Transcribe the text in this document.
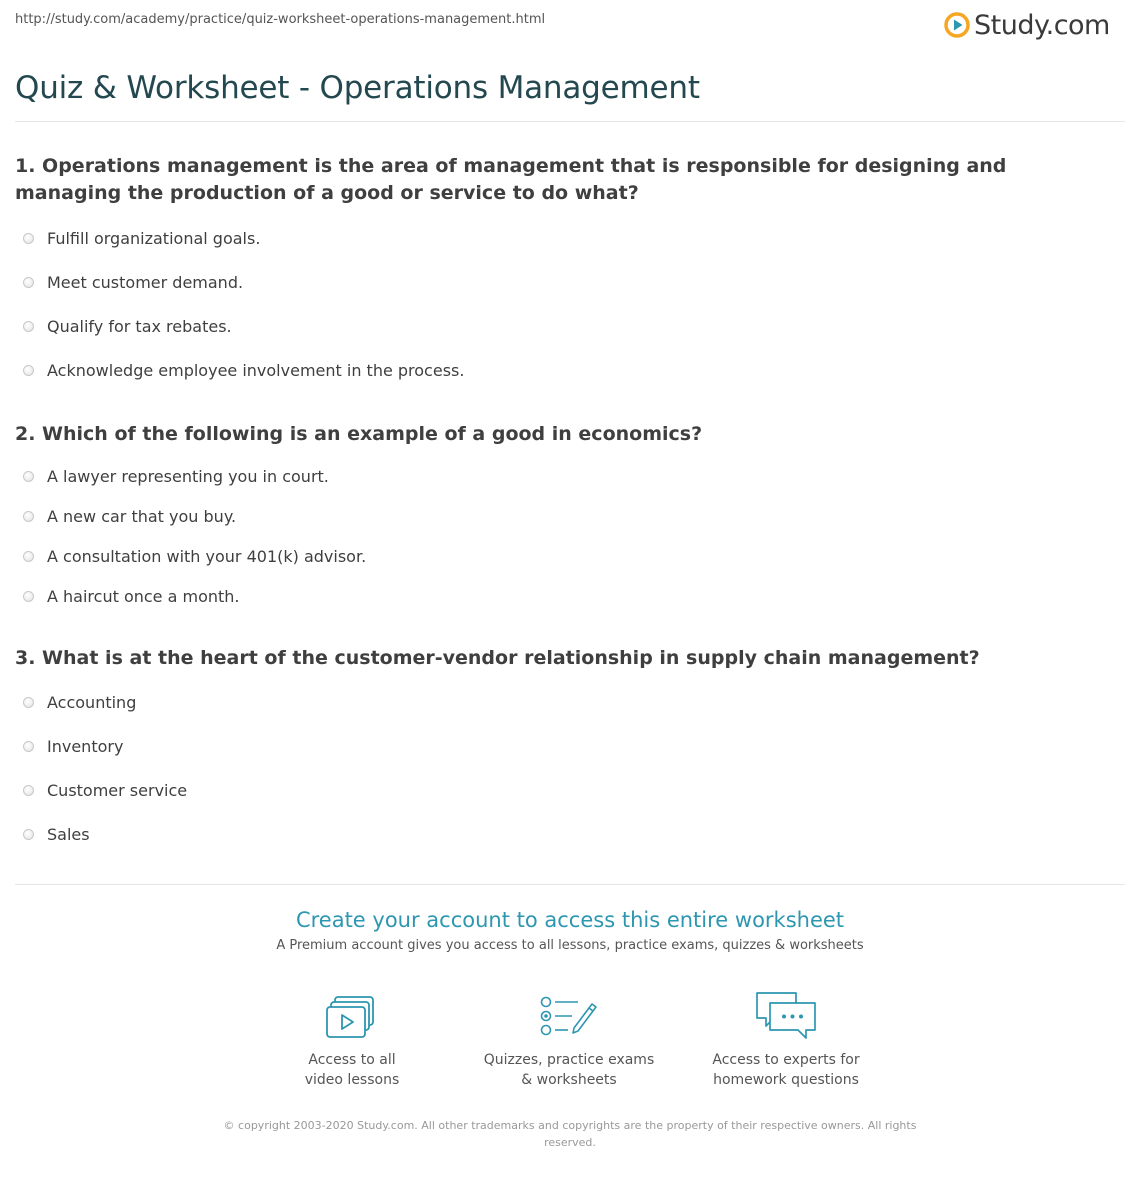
http://study.com/academy/practice/quiz-worksheet-operations-management.html	Study.com
Quiz & Worksheet - Operations Management

1. Operations management is the area of management that is responsible for designing and managing the production of a good or service to do what?

Fulfill organizational goals.
Meet customer demand.
Qualify for tax rebates.
Acknowledge employee involvement in the process.

2. Which of the following is an example of a good in economics?

A lawyer representing you in court.
A new car that you buy.
A consultation with your 401(k) advisor.
A haircut once a month.

3. What is at the heart of the customer-vendor relationship in supply chain management?

Accounting
Inventory
Customer service
Sales

Create your account to access this entire worksheet

A Premium account gives you access to all lessons, practice exams, quizzes & worksheets
Access to all
video lessons
Quizzes, practice exams
& worksheets
Access to experts for
homework questions
© copyright 2003-2020 Study.com. All other trademarks and copyrights are the property of their respective owners. All rights reserved.
